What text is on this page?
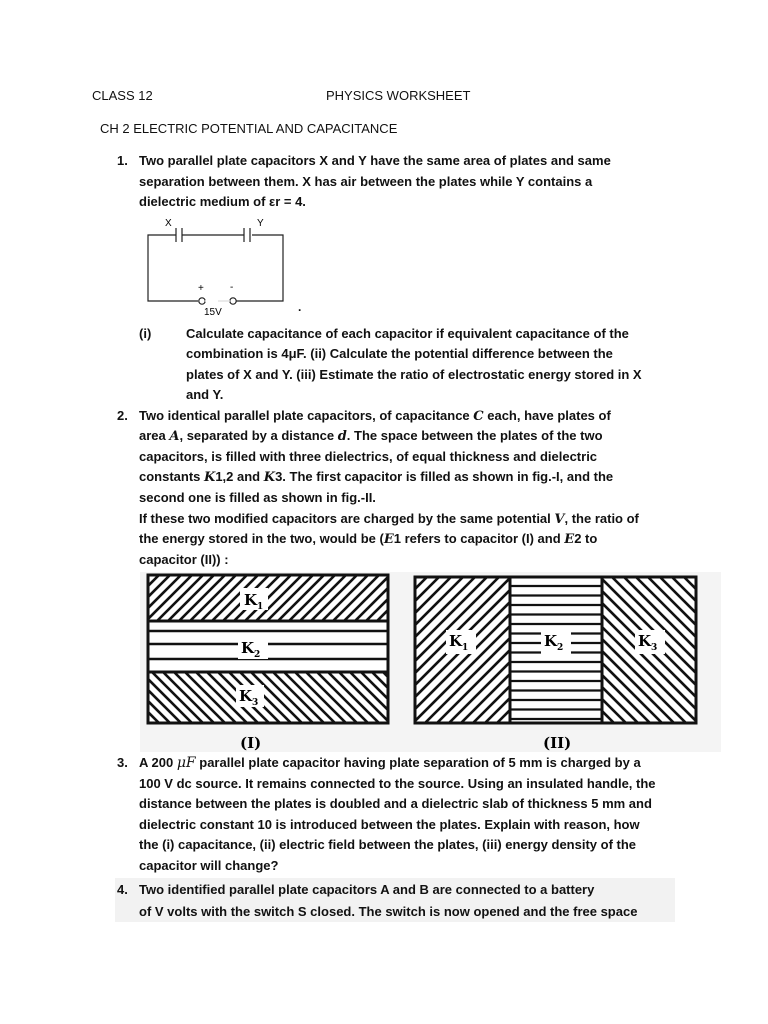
CLASS 12	PHYSICS WORKSHEET
CH 2 ELECTRIC POTENTIAL AND CAPACITANCE
1. Two parallel plate capacitors X and Y have the same area of plates and same
separation between them. X has air between the plates while Y contains a
dielectric medium of εr = 4.
X	Y
+	-
15V	.
(i)	Calculate capacitance of each capacitor if equivalent capacitance of the
combination is 4μF. (ii) Calculate the potential difference between the
plates of X and Y. (iii) Estimate the ratio of electrostatic energy stored in X
and Y.
2. Two identical parallel plate capacitors, of capacitance C each, have plates of
area A, separated by a distance d. The space between the plates of the two
capacitors, is filled with three dielectrics, of equal thickness and dielectric
constants K1,2 and K3. The first capacitor is filled as shown in fig.-I, and the
second one is filled as shown in fig.-II.
If these two modified capacitors are charged by the same potential V, the ratio of
the energy stored in the two, would be (E1 refers to capacitor (I) and E2 to
capacitor (II)) :
$K_1$
$K_2$
$K_3$
$K_1$	$K_2$	$K_3$
(I)	(II)
3. A 200 μF parallel plate capacitor having plate separation of 5 mm is charged by a
100 V dc source. It remains connected to the source. Using an insulated handle, the
distance between the plates is doubled and a dielectric slab of thickness 5 mm and
dielectric constant 10 is introduced between the plates. Explain with reason, how
the (i) capacitance, (ii) electric field between the plates, (iii) energy density of the
capacitor will change?
4. Two identified parallel plate capacitors A and B are connected to a battery
of V volts with the switch S closed. The switch is now opened and the free space
